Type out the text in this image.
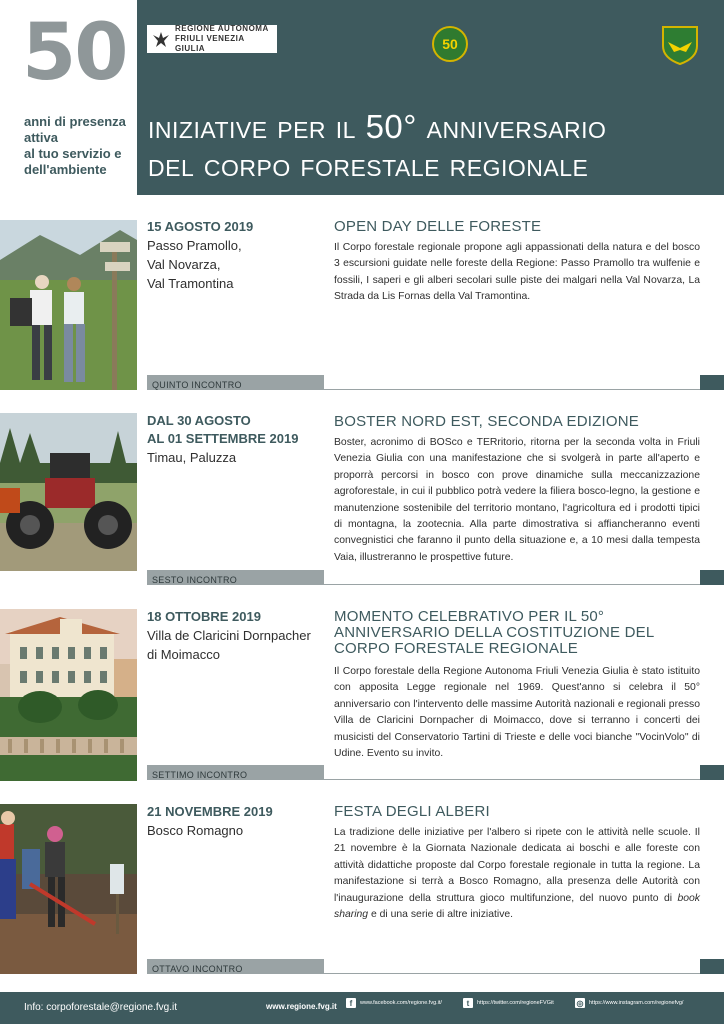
50
anni di presenza
attiva
al tuo servizio e
dell'ambiente
REGIONE AUTONOMA
FRIULI VENEZIA GIULIA	50
iniziative per il 50° anniversario
del corpo forestale regionale
15 AGOSTO 2019
Passo Pramollo,
Val Novarza,
Val Tramontina
OPEN DAY DELLE FORESTE
Il Corpo forestale regionale propone agli appassionati della natura e del bosco 3 escursioni guidate nelle foreste della Regione: Passo Pramollo tra wulfenie e fossili, I saperi e gli alberi secolari sulle piste dei malgari nella Val Novarza, La Strada da Lis Fornas della Val Tramontina.
QUINTO INCONTRO
DAL 30 AGOSTO
AL 01 SETTEMBRE 2019
Timau, Paluzza
BOSTER NORD EST, SECONDA EDIZIONE
Boster, acronimo di BOSco e TERritorio, ritorna per la seconda volta in Friuli Venezia Giulia con una manifestazione che si svolgerà in parte all'aperto e proporrà percorsi in bosco con prove dinamiche sulla meccanizzazione agroforestale, in cui il pubblico potrà vedere la filiera bosco-legno, la gestione e manutenzione sostenibile del territorio montano, l'agricoltura ed i prodotti tipici di montagna, la zootecnia. Alla parte dimostrativa si affiancheranno eventi convegnistici che faranno il punto della situazione e, a 10 mesi dalla tempesta Vaia, illustreranno le prospettive future.
SESTO INCONTRO
18 OTTOBRE 2019
Villa de Claricini Dornpacher
di Moimacco
MOMENTO CELEBRATIVO PER IL 50° ANNIVERSARIO DELLA COSTITUZIONE DEL CORPO FORESTALE REGIONALE
Il Corpo forestale della Regione Autonoma Friuli Venezia Giulia è stato istituito con apposita Legge regionale nel 1969. Quest'anno si celebra il 50° anniversario con l'intervento delle massime Autorità nazionali e regionali presso Villa de Claricini Dornpacher di Moimacco, dove si terranno i concerti dei musicisti del Conservatorio Tartini di Trieste e delle voci bianche "VocinVolo" di Udine. Evento su invito.
SETTIMO INCONTRO
21 NOVEMBRE 2019
Bosco Romagno
FESTA DEGLI ALBERI
La tradizione delle iniziative per l'albero si ripete con le attività nelle scuole. Il 21 novembre è la Giornata Nazionale dedicata ai boschi e alle foreste con attività didattiche proposte dal Corpo forestale regionale in tutta la regione. La manifestazione si terrà a Bosco Romagno, alla presenza delle Autorità con l'inaugurazione della struttura gioco multifunzione, del nuovo punto di book sharing e di una serie di altre iniziative.
OTTAVO INCONTRO
Info: corpoforestale@regione.fvg.it	www.regione.fvg.it	f	www.facebook.com/regione.fvg.it/	t	https://twitter.com/regioneFVGit	◎ https://www.instagram.com/regionefvg/
